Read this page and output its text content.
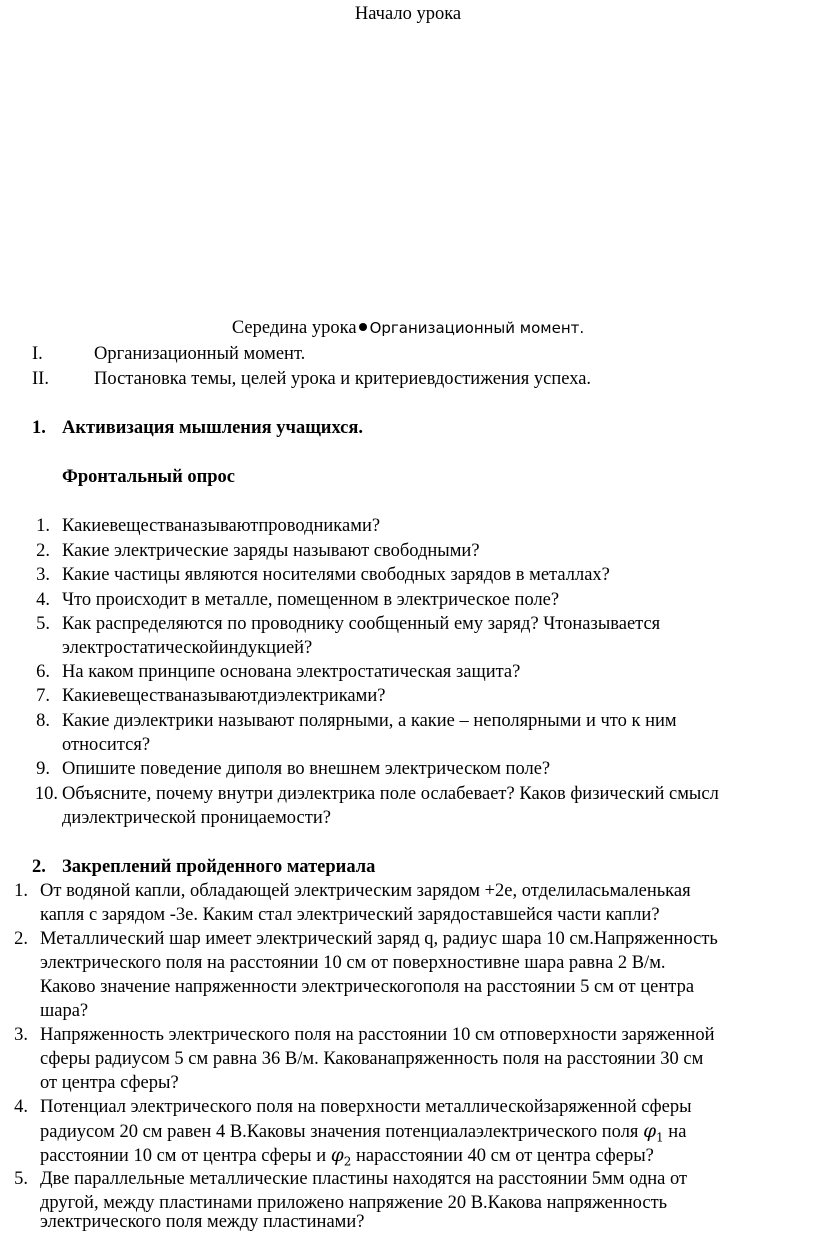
Начало урока
Середина урока Организационный момент.
I.	Организационный момент.
II. Постановка темы, целей урока и критериевдостижения успеха.
1. Активизация мышления учащихся.
Фронтальный опрос
1. Какиевеществаназываютпроводниками?
2. Какие электрические заряды называют свободными?
3. Какие частицы являются носителями свободных зарядов в металлах?
4. Что происходит в металле, помещенном в электрическое поле?
5. Как распределяются по проводнику сообщенный ему заряд? Чтоназывается
электростатическойиндукцией?
6. На каком принципе основана электростатическая защита?
7. Какиевеществаназываютдиэлектриками?
8. Какие диэлектрики называют полярными, а какие – неполярными и что к ним
относится?
9. Опишите поведение диполя во внешнем электрическом поле?
10. Объясните, почему внутри диэлектрика поле ослабевает? Каков физический смысл
диэлектрической проницаемости?
2. Закреплений пройденного материала
1. От водяной капли, обладающей электрическим зарядом +2е, отделиласьмаленькая
капля с зарядом -3е. Каким стал электрический зарядоставшейся части капли?
2. Металлический шар имеет электрический заряд q, радиус шара 10 см.Напряженность
электрического поля на расстоянии 10 см от поверхностивне шара равна 2 В/м.
Каково значение напряженности электрическогополя на расстоянии 5 см от центра
шара?
3. Напряженность электрического поля на расстоянии 10 см отповерхности заряженной
сферы радиусом 5 см равна 36 В/м. Какованапряженность поля на расстоянии 30 см
от центра сферы?
4. Потенциал электрического поля на поверхности металлическойзаряженной сферы
радиусом 20 см равен 4 В.Каковы значения потенциалаэлектрического поля $\varphi_1$ на
расстоянии 10 см от центра сферы и $\varphi_2$ нарасстоянии 40 см от центра сферы?
5. Две параллельные металлические пластины находятся на расстоянии 5мм одна от
другой, между пластинами приложено напряжение 20 В.Какова напряженность
электрического поля между пластинами?
